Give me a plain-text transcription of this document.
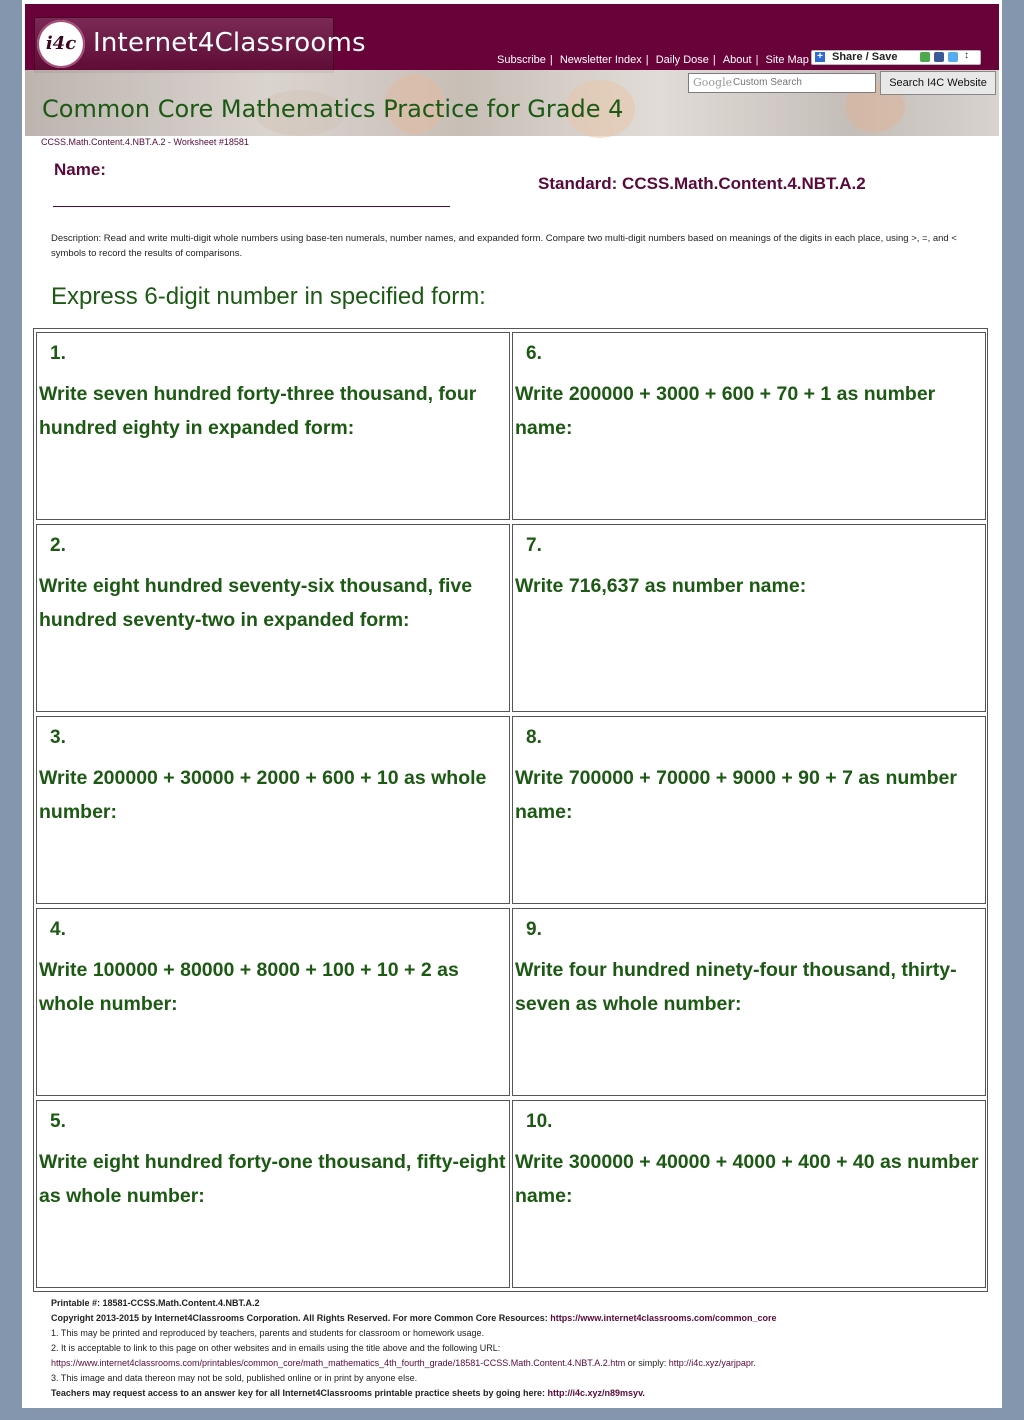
i4c Internet4Classrooms
Subscribe | Newsletter Index | Daily Dose | About | Site Map + Share / Save	↕
Google
Custom Search	Search I4C Website
Common Core Mathematics Practice for Grade 4
CCSS.Math.Content.4.NBT.A.2 - Worksheet #18581
Name:
Standard: CCSS.Math.Content.4.NBT.A.2
Description: Read and write multi-digit whole numbers using base-ten numerals, number names, and expanded form. Compare two multi-digit numbers based on meanings of the digits in each place, using >, =, and < symbols to record the results of comparisons.
Express 6-digit number in specified form:
1.
Write seven hundred forty-three thousand, four hundred eighty in expanded form:
2.
Write eight hundred seventy-six thousand, five hundred seventy-two in expanded form:
3.
Write 200000 + 30000 + 2000 + 600 + 10 as whole number:
4.
Write 100000 + 80000 + 8000 + 100 + 10 + 2 as whole number:
5.
Write eight hundred forty-one thousand, fifty-eight as whole number:
6.
Write 200000 + 3000 + 600 + 70 + 1 as number name:
7.
Write 716,637 as number name:
8.
Write 700000 + 70000 + 9000 + 90 + 7 as number name:
9.
Write four hundred ninety-four thousand, thirty-seven as whole number:
10.
Write 300000 + 40000 + 4000 + 400 + 40 as number name:
Printable #: 18581-CCSS.Math.Content.4.NBT.A.2
Copyright 2013-2015 by Internet4Classrooms Corporation. All Rights Reserved. For more Common Core Resources: https://www.internet4classrooms.com/common_core
1. This may be printed and reproduced by teachers, parents and students for classroom or homework usage.
2. It is acceptable to link to this page on other websites and in emails using the title above and the following URL:
https://www.internet4classrooms.com/printables/common_core/math_mathematics_4th_fourth_grade/18581-CCSS.Math.Content.4.NBT.A.2.htm or simply: http://i4c.xyz/yarjpapr.
3. This image and data thereon may not be sold, published online or in print by anyone else.
Teachers may request access to an answer key for all Internet4Classrooms printable practice sheets by going here: http://i4c.xyz/n89msyv.
